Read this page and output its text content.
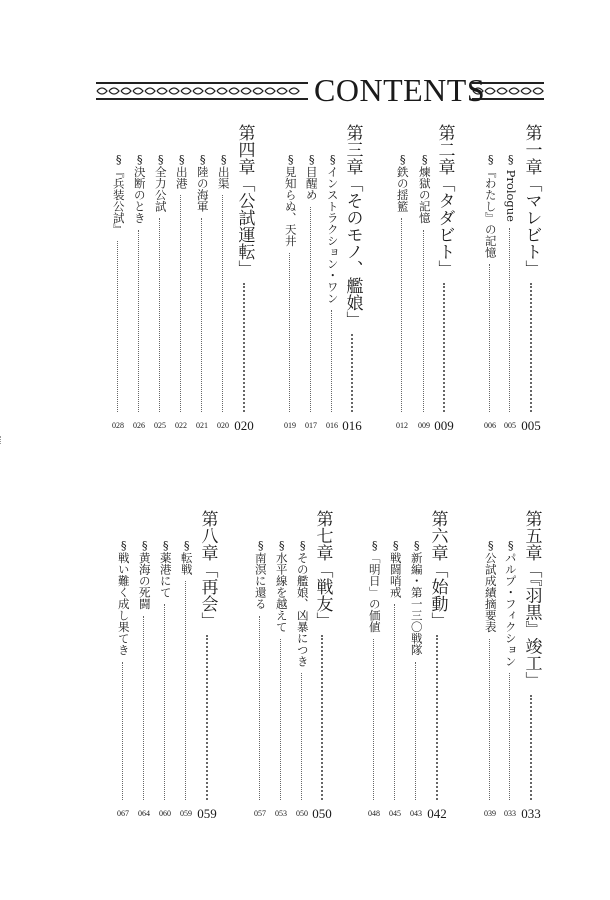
CONTENTS
第一章「マレビト」
005
§ Prologue
005
§『わたし』の記憶
006
第二章「タダビト」
009
§煉獄の記憶
009
§鉄の揺籃
012
第三章「そのモノ、艦娘」
016
§インストラクション・ワン
016
§目醒め
017
§見知らぬ、天井
019
第四章「公試運転」
020
§出渠
020
§陸の海軍
021
§出港
022
§全力公試
025
§決断のとき
026
§『兵装公試』
028
第五章「『羽黒』竣工」
033
§パルプ・フィクション
033
§公試成績摘要表
039
第六章「始動」
042
§新編・第一三〇戦隊
043
§戦闘哨戒
045
§「明日」の価値
048
第七章「戦友」
050
§その艦娘、凶暴につき
050
§水平線を越えて
053
§南溟に還る
057
第八章「再会」
059
§転戦
059
§薬港にて
060
§黄海の死闘
064
§戦い難く成し果てき
067
